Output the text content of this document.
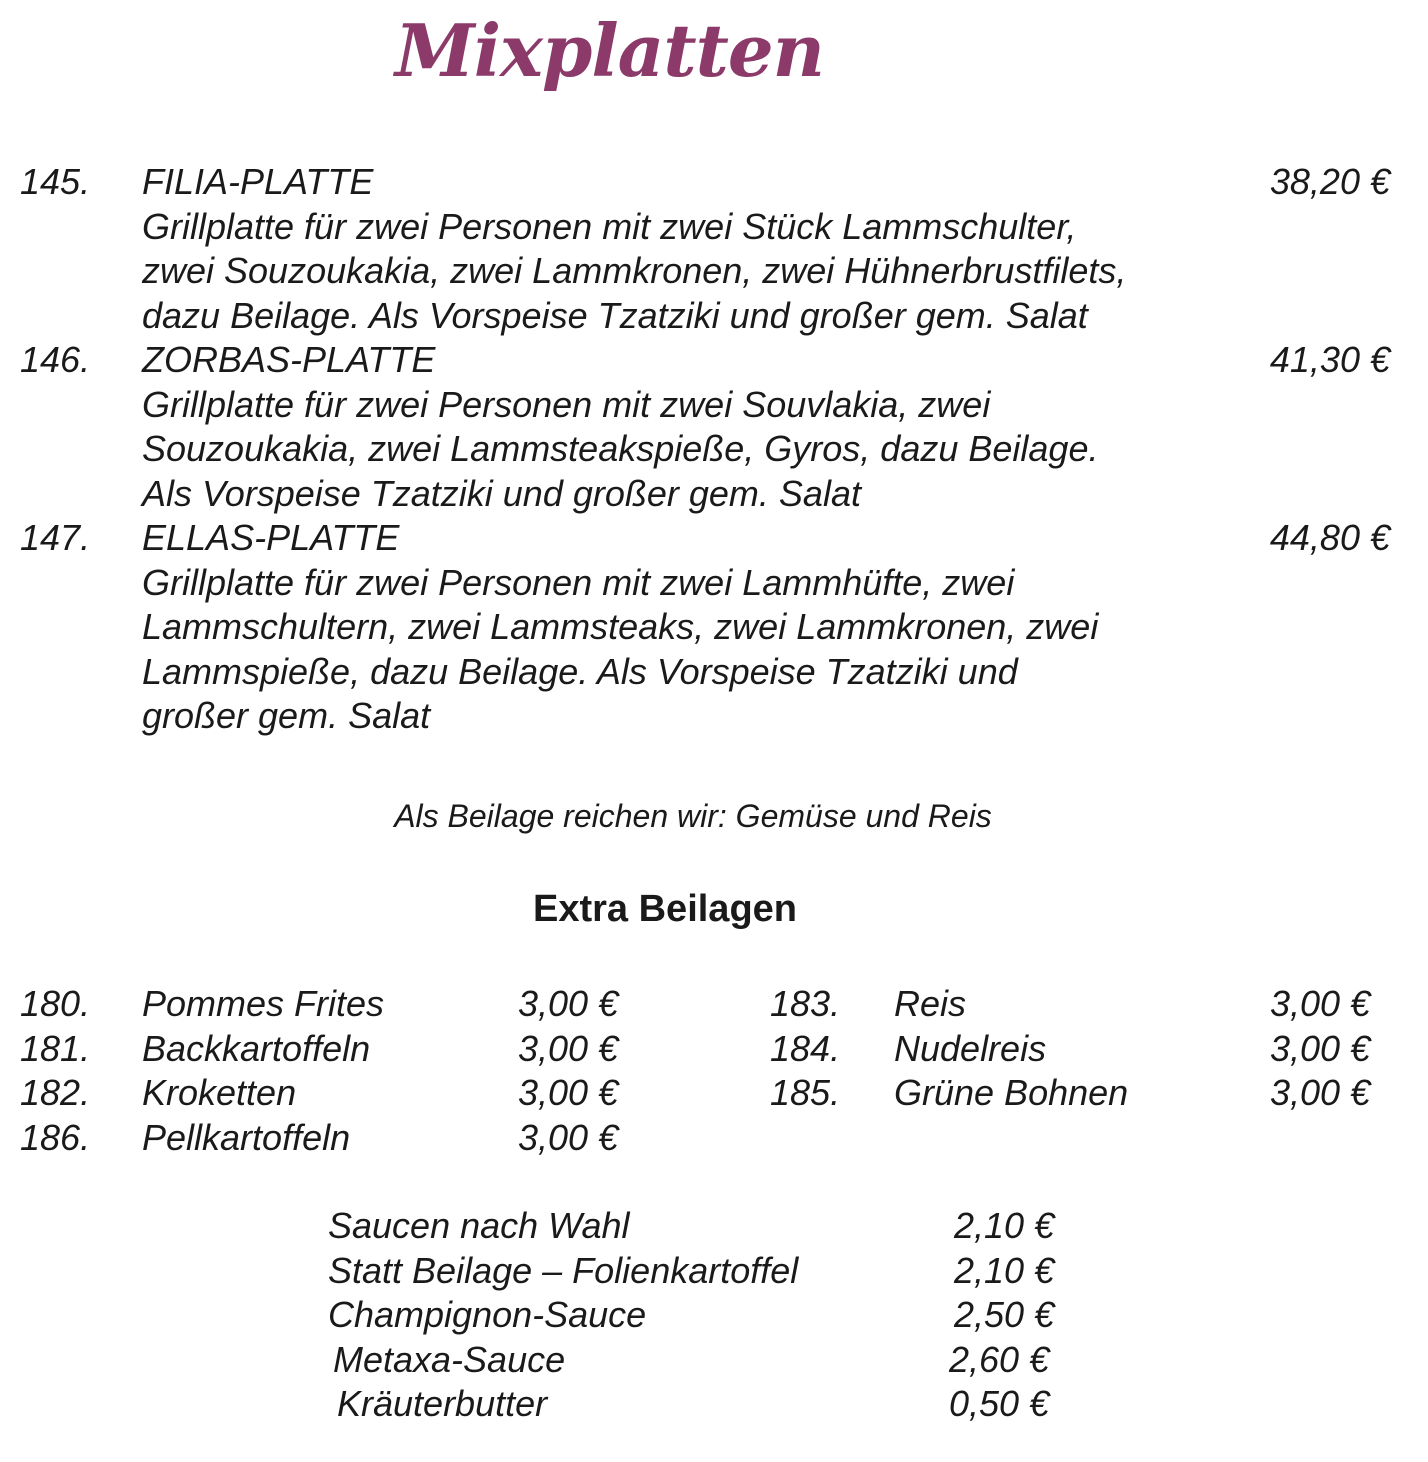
Mixplatten
145. FILIA-PLATTE	38,20 €
Grillplatte für zwei Personen mit zwei Stück Lammschulter,
zwei Souzoukakia, zwei Lammkronen, zwei Hühnerbrustfilets,
dazu Beilage. Als Vorspeise Tzatziki und großer gem. Salat
146. ZORBAS-PLATTE	41,30 €
Grillplatte für zwei Personen mit zwei Souvlakia, zwei
Souzoukakia, zwei Lammsteakspieße, Gyros, dazu Beilage.
Als Vorspeise Tzatziki und großer gem. Salat
147. ELLAS-PLATTE	44,80 €
Grillplatte für zwei Personen mit zwei Lammhüfte, zwei
Lammschultern, zwei Lammsteaks, zwei Lammkronen, zwei
Lammspieße, dazu Beilage. Als Vorspeise Tzatziki und
großer gem. Salat
Als Beilage reichen wir: Gemüse und Reis
Extra Beilagen
180. Pommes Frites	3,00 €
181. Backkartoffeln	3,00 €
182. Kroketten	3,00 €
186. Pellkartoffeln	3,00 €
183. Reis	3,00 €
184. Nudelreis	3,00 €
185. Grüne Bohnen	3,00 €
Saucen nach Wahl	2,10 €
Statt Beilage – Folienkartoffel	2,10 €
Champignon-Sauce	2,50 €
Metaxa-Sauce	2,60 €
Kräuterbutter	0,50 €
